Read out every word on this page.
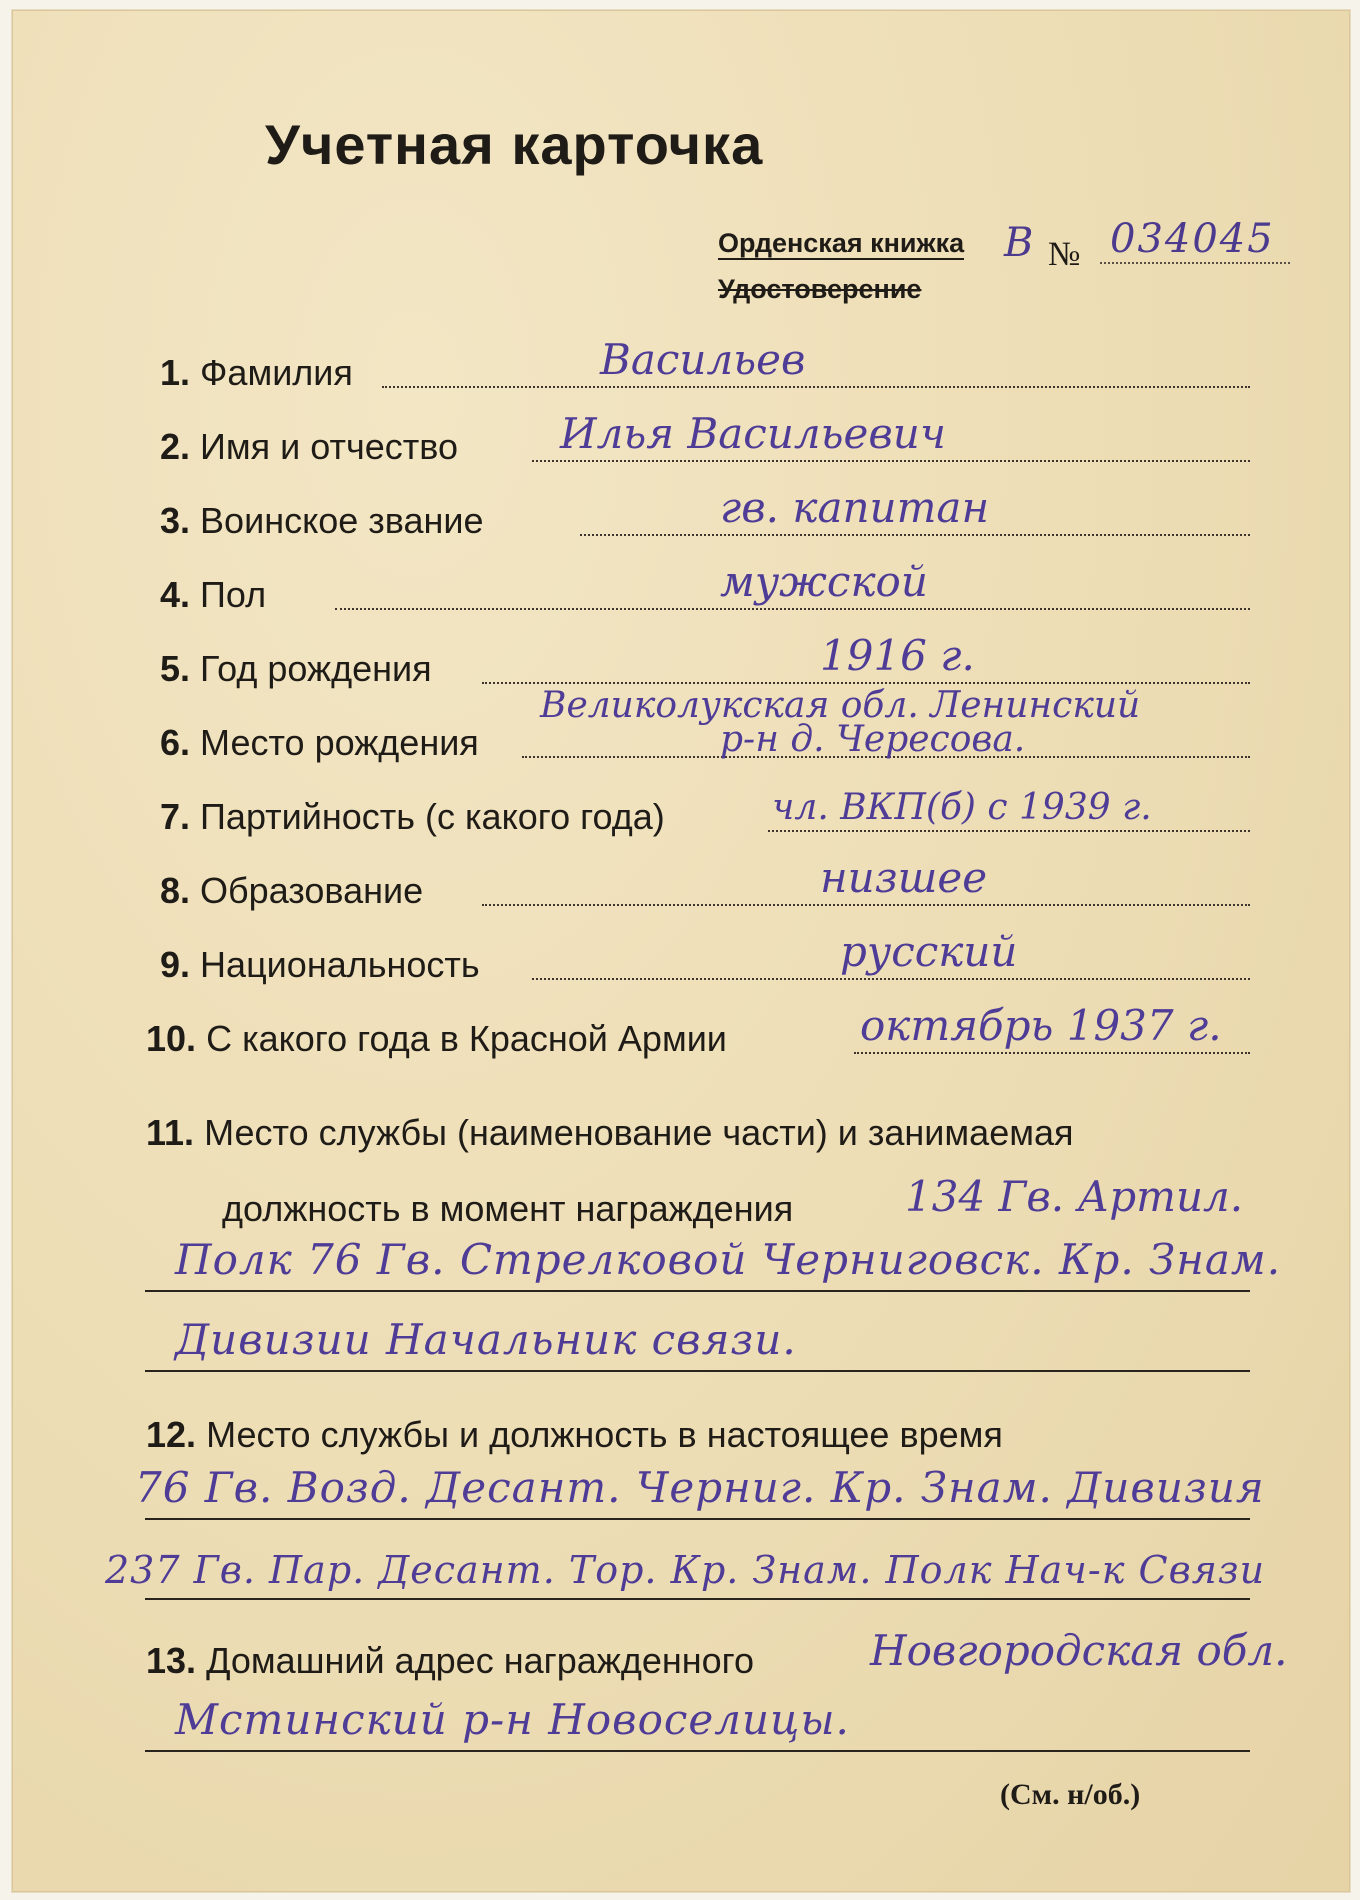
Учетная карточка
Орденская книжка
Удостоверение
В № 034045
1. Фамилия	Васильев
2. Имя и отчество Илья Васильевич
3. Воинское звание	гв. капитан
4. Пол	мужской
5. Год рождения	1916 г.
6. Место рождения
Великолукская обл. Ленинский
р-н д. Чересова.
7. Партийность (с какого года)	чл. ВКП(б) с 1939 г.
8. Образование	низшее
9. Национальность	русский
10. С какого года в Красной Армии	октябрь 1937 г.
11. Место службы (наименование части) и занимаемая
должность в момент награждения	134 Гв. Артил.
Полк 76 Гв. Стрелковой Черниговск. Кр. Знам.
Дивизии Начальник связи.
12. Место службы и должность в настоящее время
76 Гв. Возд. Десант. Черниг. Кр. Знам. Дивизия
237 Гв. Пар. Десант. Тор. Кр. Знам. Полк Нач-к Связи
13. Домашний адрес награжденного	Новгородская обл.
Мстинский р-н Новоселицы.
(См. н/об.)
